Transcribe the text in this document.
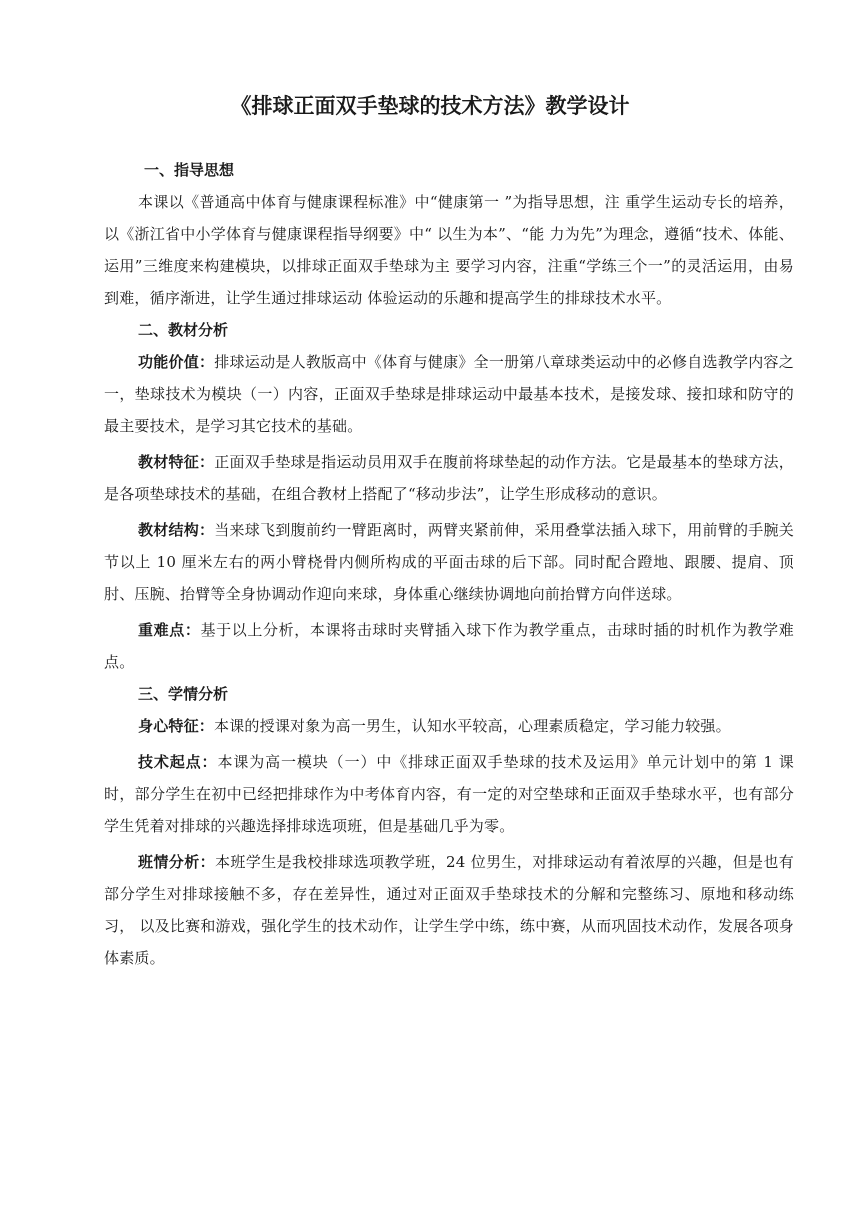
《排球正面双手垫球的技术方法》教学设计
一、指导思想

本课以《普通高中体育与健康课程标准》中“健康第一 ”为指导思想，注 重学生运动专长的培养，以《浙江省中小学体育与健康课程指导纲要》中“ 以生为本”、“能 力为先”为理念，遵循“技术、体能、运用”三维度来构建模块，以排球正面双手垫球为主 要学习内容，注重“学练三个一”的灵活运用，由易到难，循序渐进，让学生通过排球运动 体验运动的乐趣和提高学生的排球技术水平。

二、教材分析

功能价值：排球运动是人教版高中《体育与健康》全一册第八章球类运动中的必修自选教学内容之一，垫球技术为模块（一）内容，正面双手垫球是排球运动中最基本技术，是接发球、接扣球和防守的最主要技术，是学习其它技术的基础。

教材特征：正面双手垫球是指运动员用双手在腹前将球垫起的动作方法。它是最基本的垫球方法，是各项垫球技术的基础，在组合教材上搭配了“移动步法”，让学生形成移动的意识。

教材结构：当来球飞到腹前约一臂距离时，两臂夹紧前伸，采用叠掌法插入球下，用前臂的手腕关节以上 10 厘米左右的两小臂桡骨内侧所构成的平面击球的后下部。同时配合蹬地、跟腰、提肩、顶肘、压腕、抬臂等全身协调动作迎向来球，身体重心继续协调地向前抬臂方向伴送球。

重难点：基于以上分析，本课将击球时夹臂插入球下作为教学重点，击球时插的时机作为教学难点。

三、学情分析

身心特征：本课的授课对象为高一男生，认知水平较高，心理素质稳定，学习能力较强。

技术起点：本课为高一模块（一）中《排球正面双手垫球的技术及运用》单元计划中的第 1 课时，部分学生在初中已经把排球作为中考体育内容，有一定的对空垫球和正面双手垫球水平，也有部分学生凭着对排球的兴趣选择排球选项班，但是基础几乎为零。

班情分析：本班学生是我校排球选项教学班，24 位男生，对排球运动有着浓厚的兴趣，但是也有部分学生对排球接触不多，存在差异性，通过对正面双手垫球技术的分解和完整练习、原地和移动练习， 以及比赛和游戏，强化学生的技术动作，让学生学中练，练中赛，从而巩固技术动作，发展各项身体素质。
